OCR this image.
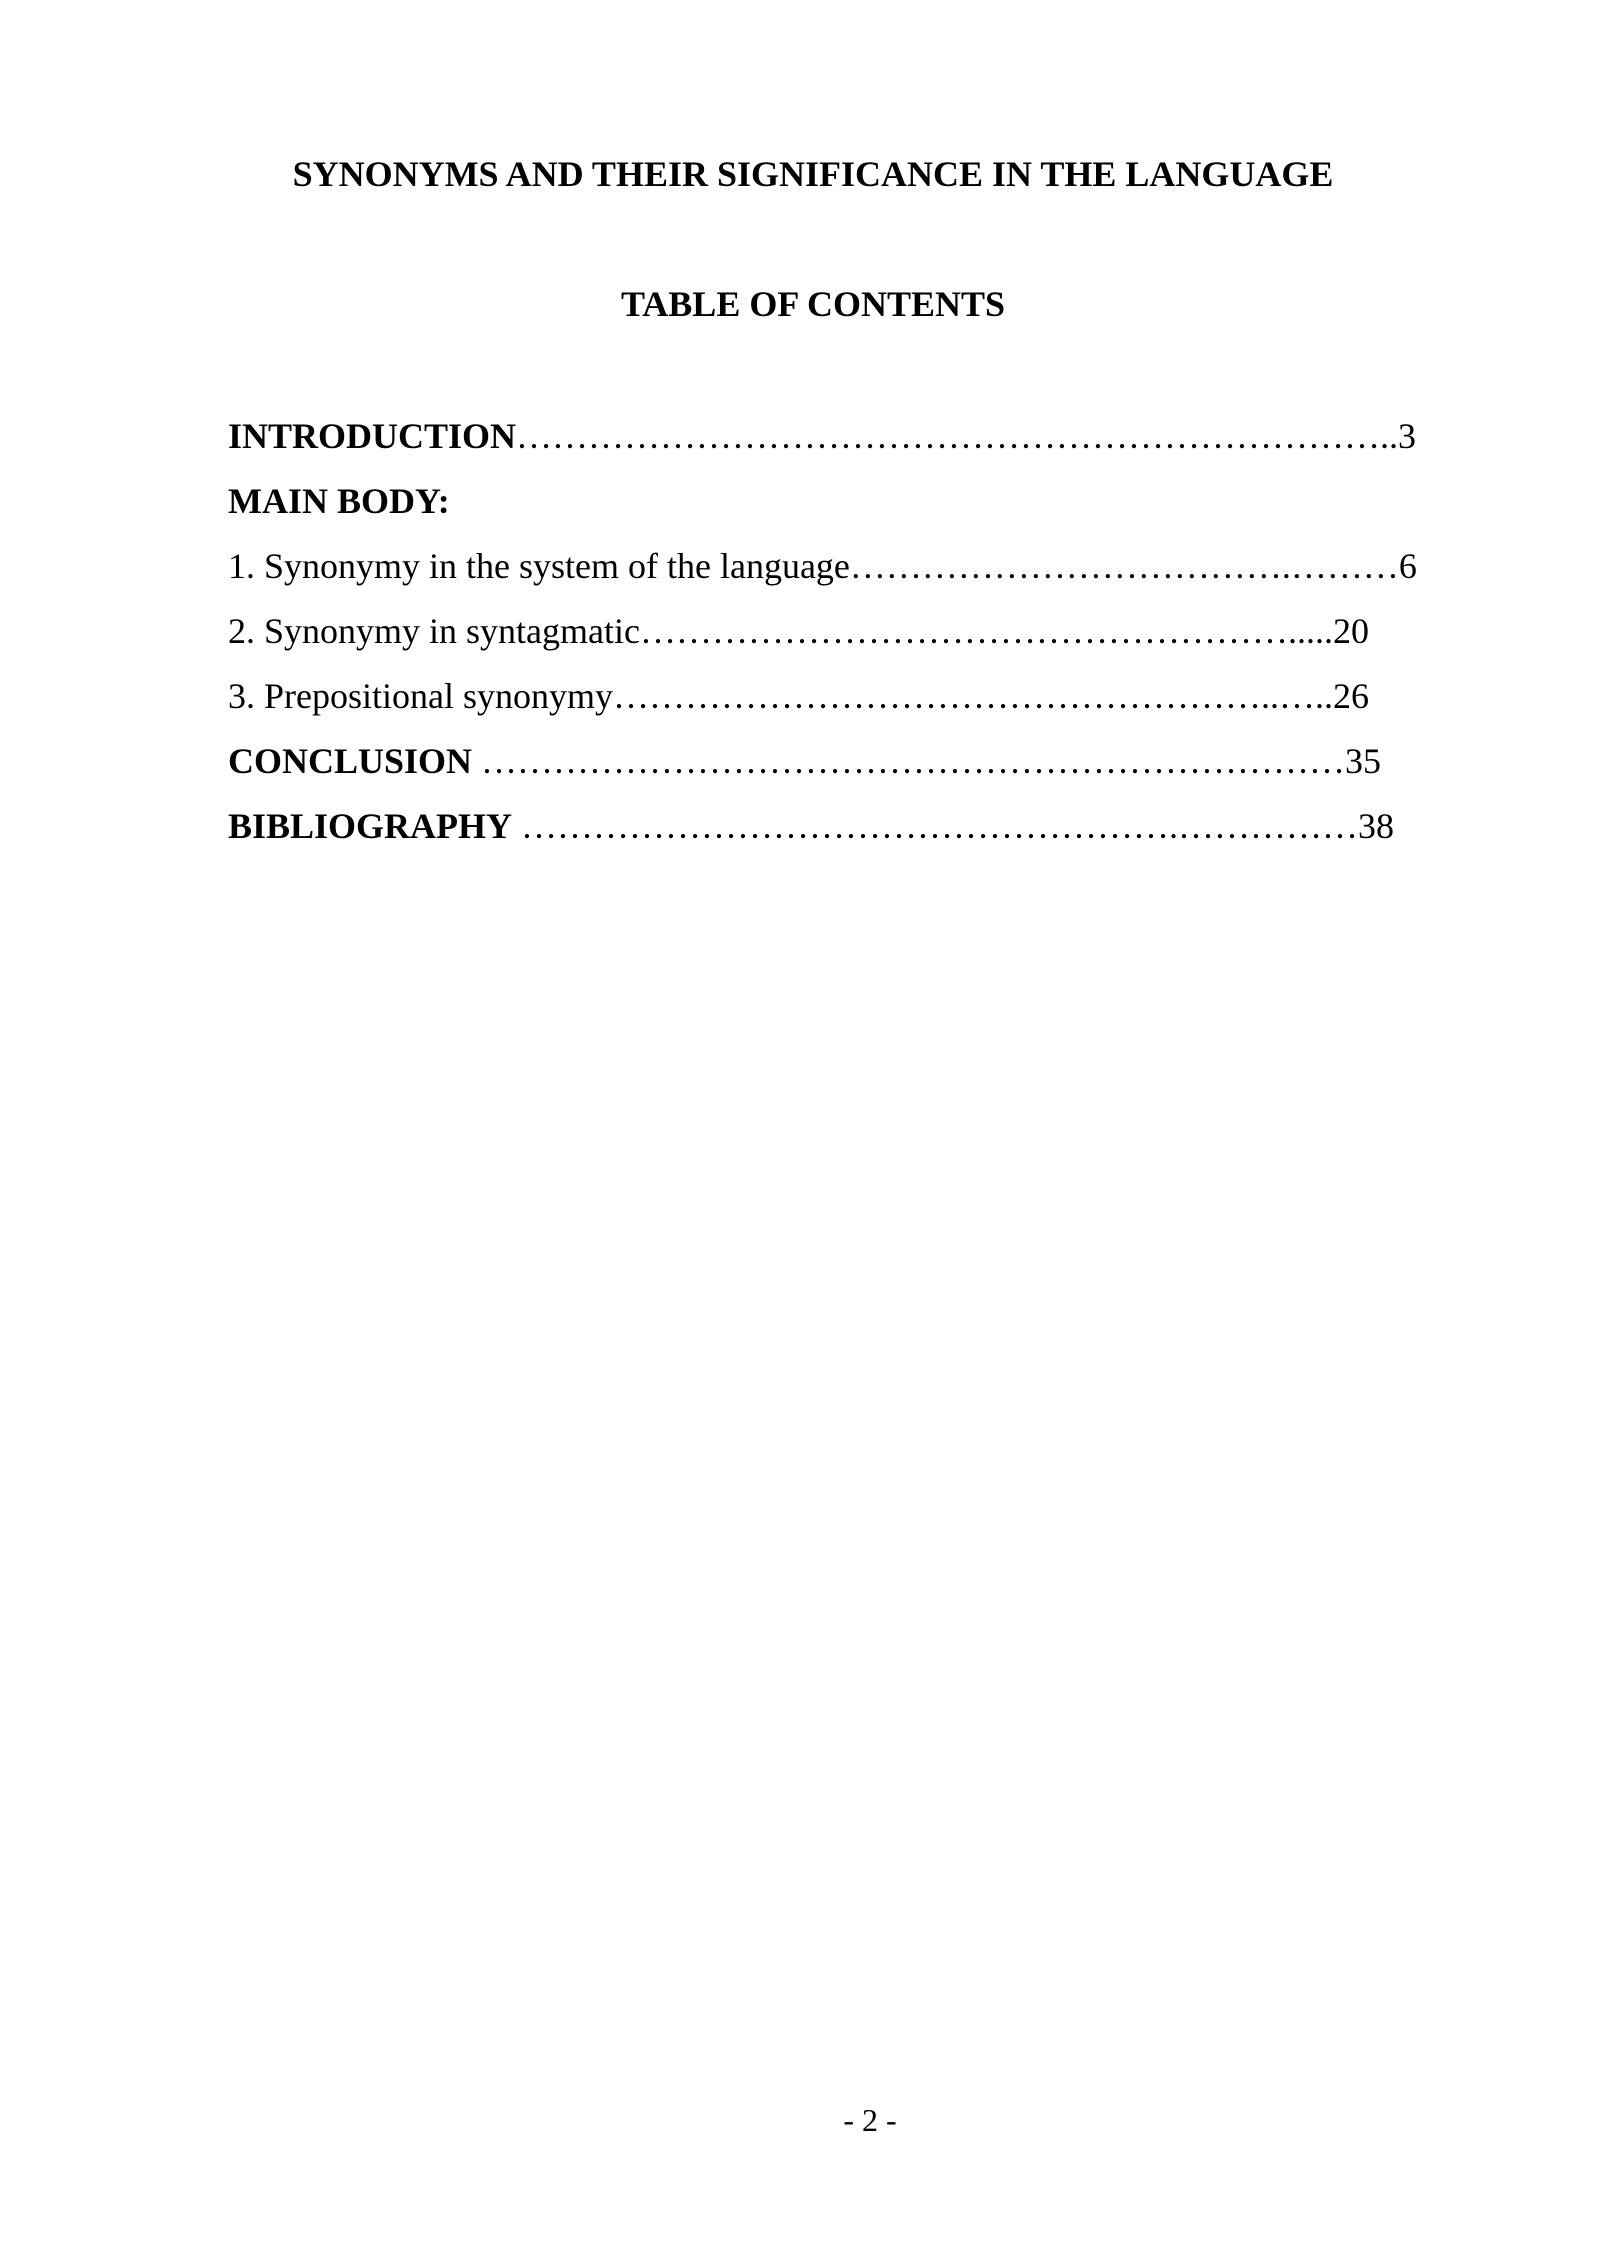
SYNONYMS AND THEIR SIGNIFICANCE IN THE LANGUAGE
TABLE OF CONTENTS
INTRODUCTION………………………………………………………………..3
MAIN BODY:
1. Synonymy in the system of the language……………………………….………6
2. Synonymy in syntagmatic……………………………………………….....20
3. Prepositional synonymy………………………………………………..…..26
CONCLUSION ………………………………………………………………35
BIBLIOGRAPHY ……………………………………………….……………38
- 2 -
